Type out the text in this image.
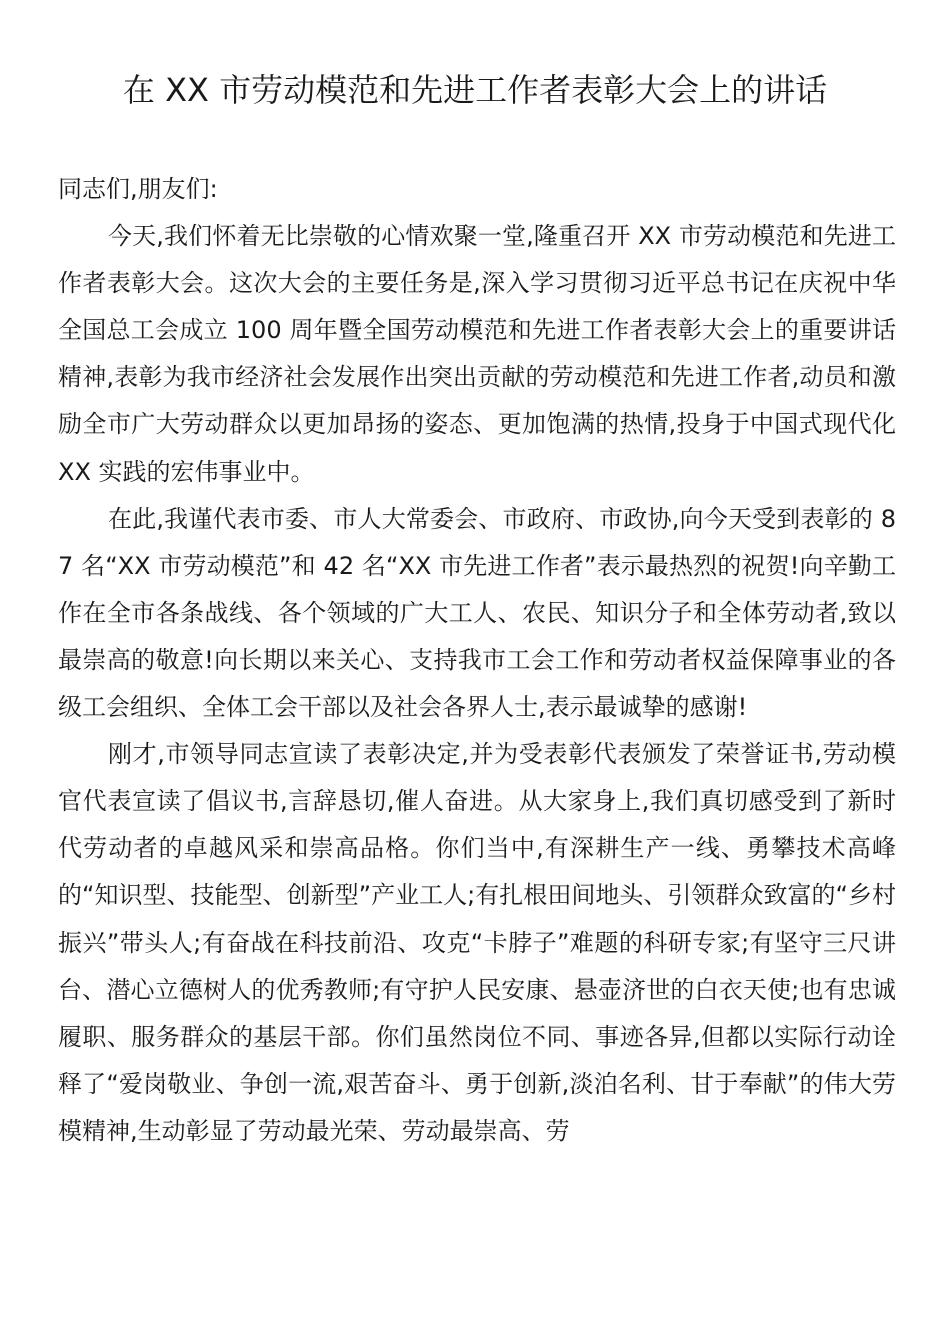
在 XX 市劳动模范和先进工作者表彰大会上的讲话

同志们,朋友们:

今天,我们怀着无比崇敬的心情欢聚一堂,隆重召开 XX 市劳动模范和先进工作者表彰大会。这次大会的主要任务是,深入学习贯彻习近平总书记在庆祝中华全国总工会成立 100 周年暨全国劳动模范和先进工作者表彰大会上的重要讲话精神,表彰为我市经济社会发展作出突出贡献的劳动模范和先进工作者,动员和激励全市广大劳动群众以更加昂扬的姿态、更加饱满的热情,投身于中国式现代化 XX 实践的宏伟事业中。

在此,我谨代表市委、市人大常委会、市政府、市政协,向今天受到表彰的 87 名“XX 市劳动模范”和 42 名“XX 市先进工作者”表示最热烈的祝贺!向辛勤工作在全市各条战线、各个领域的广大工人、农民、知识分子和全体劳动者,致以最崇高的敬意!向长期以来关心、支持我市工会工作和劳动者权益保障事业的各级工会组织、全体工会干部以及社会各界人士,表示最诚挚的感谢!

刚才,市领导同志宣读了表彰决定,并为受表彰代表颁发了荣誉证书,劳动模官代表宣读了倡议书,言辞恳切,催人奋进。从大家身上,我们真切感受到了新时代劳动者的卓越风采和崇高品格。你们当中,有深耕生产一线、勇攀技术高峰的“知识型、技能型、创新型”产业工人;有扎根田间地头、引领群众致富的“乡村振兴”带头人;有奋战在科技前沿、攻克“卡脖子”难题的科研专家;有坚守三尺讲台、潜心立德树人的优秀教师;有守护人民安康、悬壶济世的白衣天使;也有忠诚履职、服务群众的基层干部。你们虽然岗位不同、事迹各异,但都以实际行动诠释了“爱岗敬业、争创一流,艰苦奋斗、勇于创新,淡泊名利、甘于奉献”的伟大劳模精神,生动彰显了劳动最光荣、劳动最崇高、劳
